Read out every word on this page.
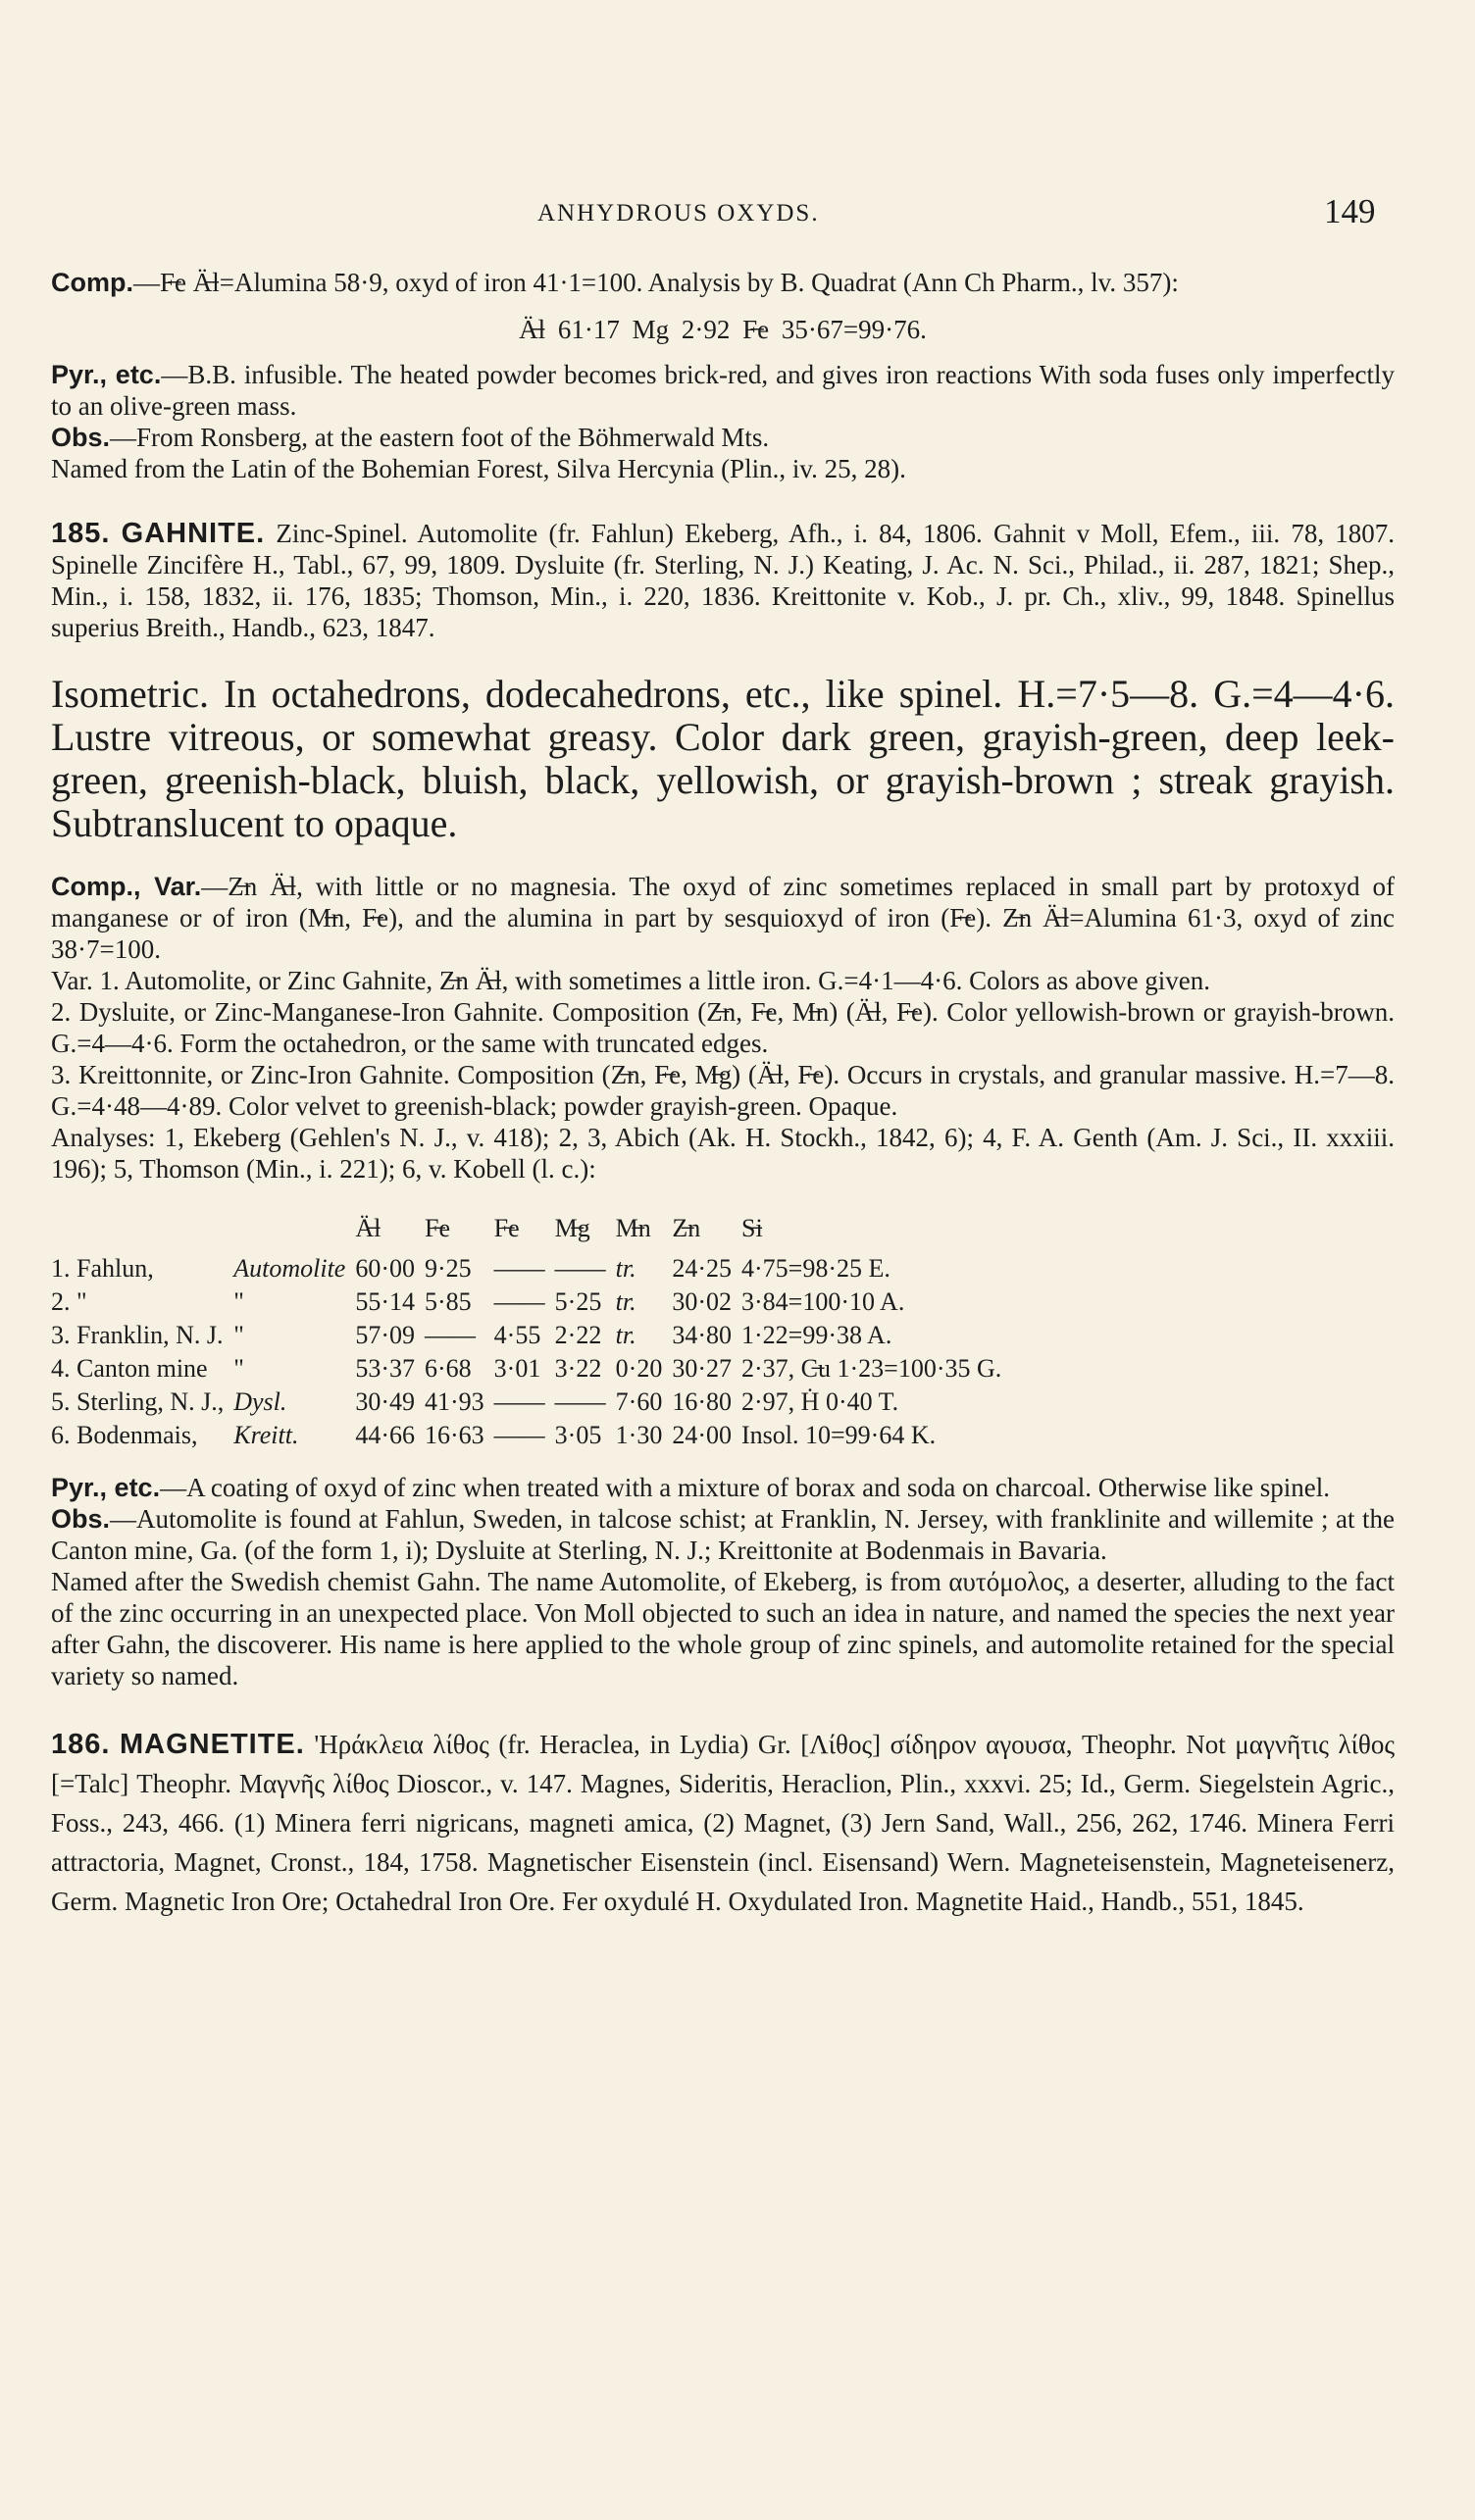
ANHYDROUS OXYDS.	149

Comp.—F̶e Ä̶l=Alumina 58·9, oxyd of iron 41·1=100. Analysis by B. Quadrat (Ann Ch Pharm., lv. 357):

Ä̶l 61·17 Mg 2·92 F̶e 35·67=99·76.

Pyr., etc.—B.B. infusible. The heated powder becomes brick-red, and gives iron reactions With soda fuses only imperfectly to an olive-green mass.

Obs.—From Ronsberg, at the eastern foot of the Böhmerwald Mts.

Named from the Latin of the Bohemian Forest, Silva Hercynia (Plin., iv. 25, 28).

185. GAHNITE. Zinc-Spinel. Automolite (fr. Fahlun) Ekeberg, Afh., i. 84, 1806. Gahnit v Moll, Efem., iii. 78, 1807. Spinelle Zincifère H., Tabl., 67, 99, 1809. Dysluite (fr. Sterling, N. J.) Keating, J. Ac. N. Sci., Philad., ii. 287, 1821; Shep., Min., i. 158, 1832, ii. 176, 1835; Thomson, Min., i. 220, 1836. Kreittonite v. Kob., J. pr. Ch., xliv., 99, 1848. Spinellus superius Breith., Handb., 623, 1847.

Isometric. In octahedrons, dodecahedrons, etc., like spinel. H.=7·5—8. G.=4—4·6. Lustre vitreous, or somewhat greasy. Color dark green, grayish-green, deep leek-green, greenish-black, bluish, black, yellowish, or grayish-brown ; streak grayish. Subtranslucent to opaque.

Comp., Var.—Z̶n Ä̶l, with little or no magnesia. The oxyd of zinc sometimes replaced in small part by protoxyd of manganese or of iron (M̶n, F̶e), and the alumina in part by sesquioxyd of iron (F̶e). Z̶n Ä̶l=Alumina 61·3, oxyd of zinc 38·7=100.

Var. 1. Automolite, or Zinc Gahnite, Z̶n Ä̶l, with sometimes a little iron. G.=4·1—4·6. Colors as above given.

2. Dysluite, or Zinc-Manganese-Iron Gahnite. Composition (Z̶n, F̶e, M̶n) (Ä̶l, F̶e). Color yellowish-brown or grayish-brown. G.=4—4·6. Form the octahedron, or the same with truncated edges.

3. Kreittonnite, or Zinc-Iron Gahnite. Composition (Z̶n, F̶e, M̶g) (Ä̶l, F̶e). Occurs in crystals, and granular massive. H.=7—8. G.=4·48—4·89. Color velvet to greenish-black; powder grayish-green. Opaque.

Analyses: 1, Ekeberg (Gehlen's N. J., v. 418); 2, 3, Abich (Ak. H. Stockh., 1842, 6); 4, F. A. Genth (Am. J. Sci., II. xxxiii. 196); 5, Thomson (Min., i. 221); 6, v. Kobell (l. c.):

		Ä̶l	F̶e	F̶e	M̶g	M̶n	Z̶n	S̶i
1. Fahlun,	Automolite	60·00	9·25	——	——	tr.	24·25	4·75=98·25 E.
2. "	"	55·14	5·85	——	5·25	tr.	30·02	3·84=100·10 A.
3. Franklin, N. J.	"	57·09	——	4·55	2·22	tr.	34·80	1·22=99·38 A.
4. Canton mine	"	53·37	6·68	3·01	3·22	0·20	30·27	2·37, C̶u 1·23=100·35 G.
5. Sterling, N. J.,	Dysl.	30·49	41·93	——	——	7·60	16·80	2·97, Ḣ 0·40 T.
6. Bodenmais,	Kreitt.	44·66	16·63	——	3·05	1·30	24·00	Insol. 10=99·64 K.

Pyr., etc.—A coating of oxyd of zinc when treated with a mixture of borax and soda on charcoal. Otherwise like spinel.

Obs.—Automolite is found at Fahlun, Sweden, in talcose schist; at Franklin, N. Jersey, with franklinite and willemite ; at the Canton mine, Ga. (of the form 1, i); Dysluite at Sterling, N. J.; Kreittonite at Bodenmais in Bavaria.

Named after the Swedish chemist Gahn. The name Automolite, of Ekeberg, is from αυτόμολος, a deserter, alluding to the fact of the zinc occurring in an unexpected place. Von Moll objected to such an idea in nature, and named the species the next year after Gahn, the discoverer. His name is here applied to the whole group of zinc spinels, and automolite retained for the special variety so named.

186. MAGNETITE. 'Ηράκλεια λίθος (fr. Heraclea, in Lydia) Gr. [Λίθος] σίδηρον αγουσα, Theophr. Not μαγνῆτις λίθος [=Talc] Theophr. Μαγνῆς λίθος Dioscor., v. 147. Magnes, Sideritis, Heraclion, Plin., xxxvi. 25; Id., Germ. Siegelstein Agric., Foss., 243, 466. (1) Minera ferri nigricans, magneti amica, (2) Magnet, (3) Jern Sand, Wall., 256, 262, 1746. Minera Ferri attractoria, Magnet, Cronst., 184, 1758. Magnetischer Eisenstein (incl. Eisensand) Wern. Magneteisenstein, Magneteisenerz, Germ. Magnetic Iron Ore; Octahedral Iron Ore. Fer oxydulé H. Oxydulated Iron. Magnetite Haid., Handb., 551, 1845.
